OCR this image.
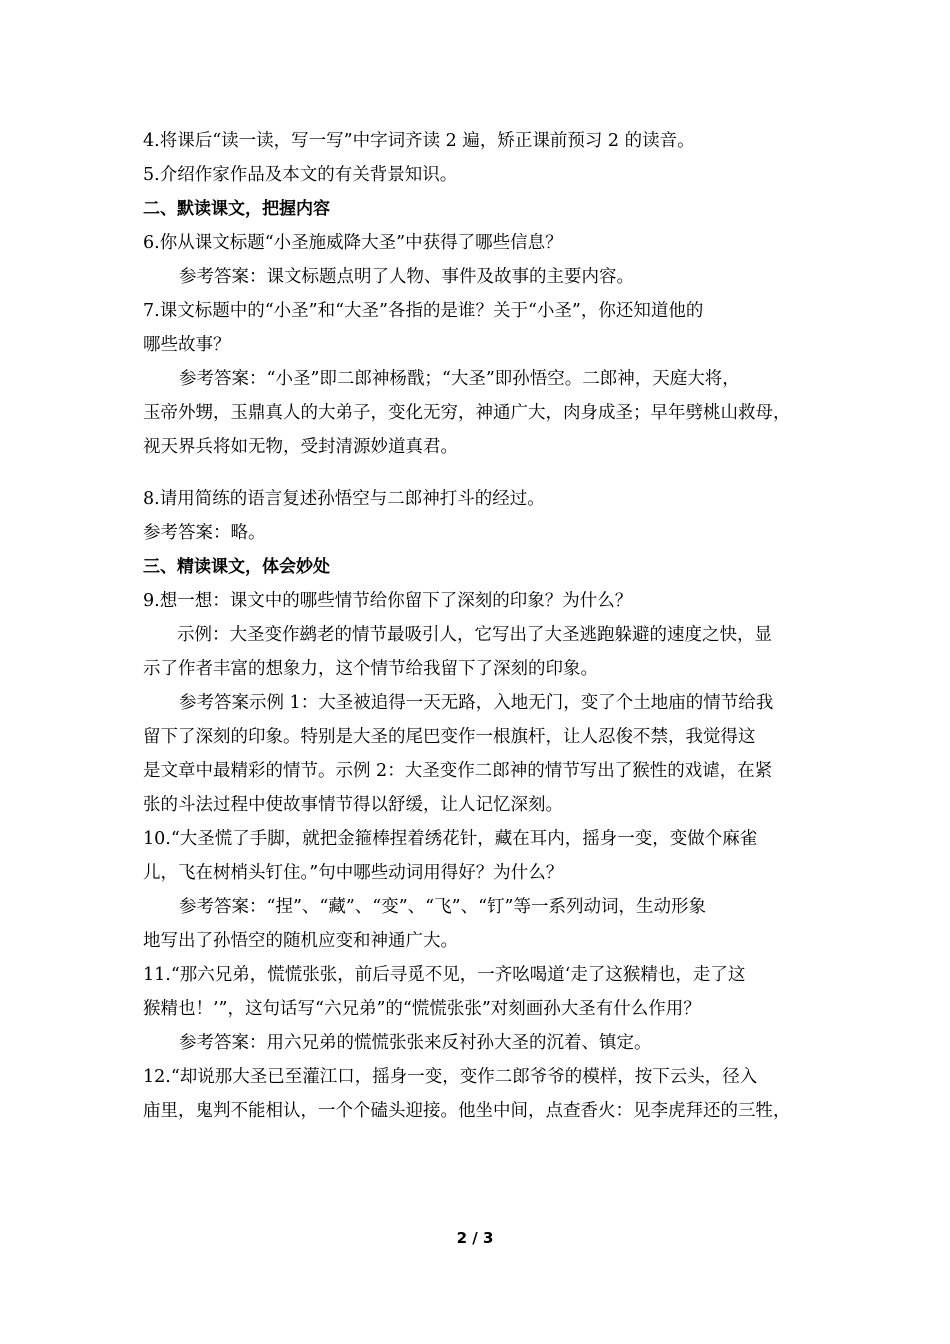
4.将课后“读一读，写一写”中字词齐读 2 遍，矫正课前预习 2 的读音。

5.介绍作家作品及本文的有关背景知识。

二、默读课文，把握内容

6.你从课文标题“小圣施威降大圣”中获得了哪些信息？

参考答案：课文标题点明了人物、事件及故事的主要内容。

7.课文标题中的“小圣”和“大圣”各指的是谁？关于“小圣”，你还知道他的

哪些故事？

参考答案：“小圣”即二郎神杨戬；“大圣”即孙悟空。二郎神，天庭大将，

玉帝外甥，玉鼎真人的大弟子，变化无穷，神通广大，肉身成圣；早年劈桃山救母，

视天界兵将如无物，受封清源妙道真君。

8.请用简练的语言复述孙悟空与二郎神打斗的经过。

参考答案：略。

三、精读课文，体会妙处

9.想一想：课文中的哪些情节给你留下了深刻的印象？为什么？

示例：大圣变作鹚老的情节最吸引人，它写出了大圣逃跑躲避的速度之快，显

示了作者丰富的想象力，这个情节给我留下了深刻的印象。

参考答案示例 1：大圣被追得一天无路，入地无门，变了个土地庙的情节给我

留下了深刻的印象。特别是大圣的尾巴变作一根旗杆，让人忍俊不禁，我觉得这

是文章中最精彩的情节。示例 2：大圣变作二郎神的情节写出了猴性的戏谑，在紧

张的斗法过程中使故事情节得以舒缓，让人记忆深刻。

10.“大圣慌了手脚，就把金箍棒捏着绣花针，藏在耳内，摇身一变，变做个麻雀

儿，飞在树梢头钉住。”句中哪些动词用得好？为什么？

参考答案：“捏”、“藏”、“变”、“飞”、“钉”等一系列动词，生动形象

地写出了孙悟空的随机应变和神通广大。

11.“那六兄弟，慌慌张张，前后寻觅不见，一齐吆喝道‘走了这猴精也，走了这

猴精也！’”，这句话写“六兄弟”的“慌慌张张”对刻画孙大圣有什么作用？

参考答案：用六兄弟的慌慌张张来反衬孙大圣的沉着、镇定。

12.“却说那大圣已至灌江口，摇身一变，变作二郎爷爷的模样，按下云头，径入

庙里，鬼判不能相认，一个个磕头迎接。他坐中间，点查香火：见李虎拜还的三牲，

2 / 3
